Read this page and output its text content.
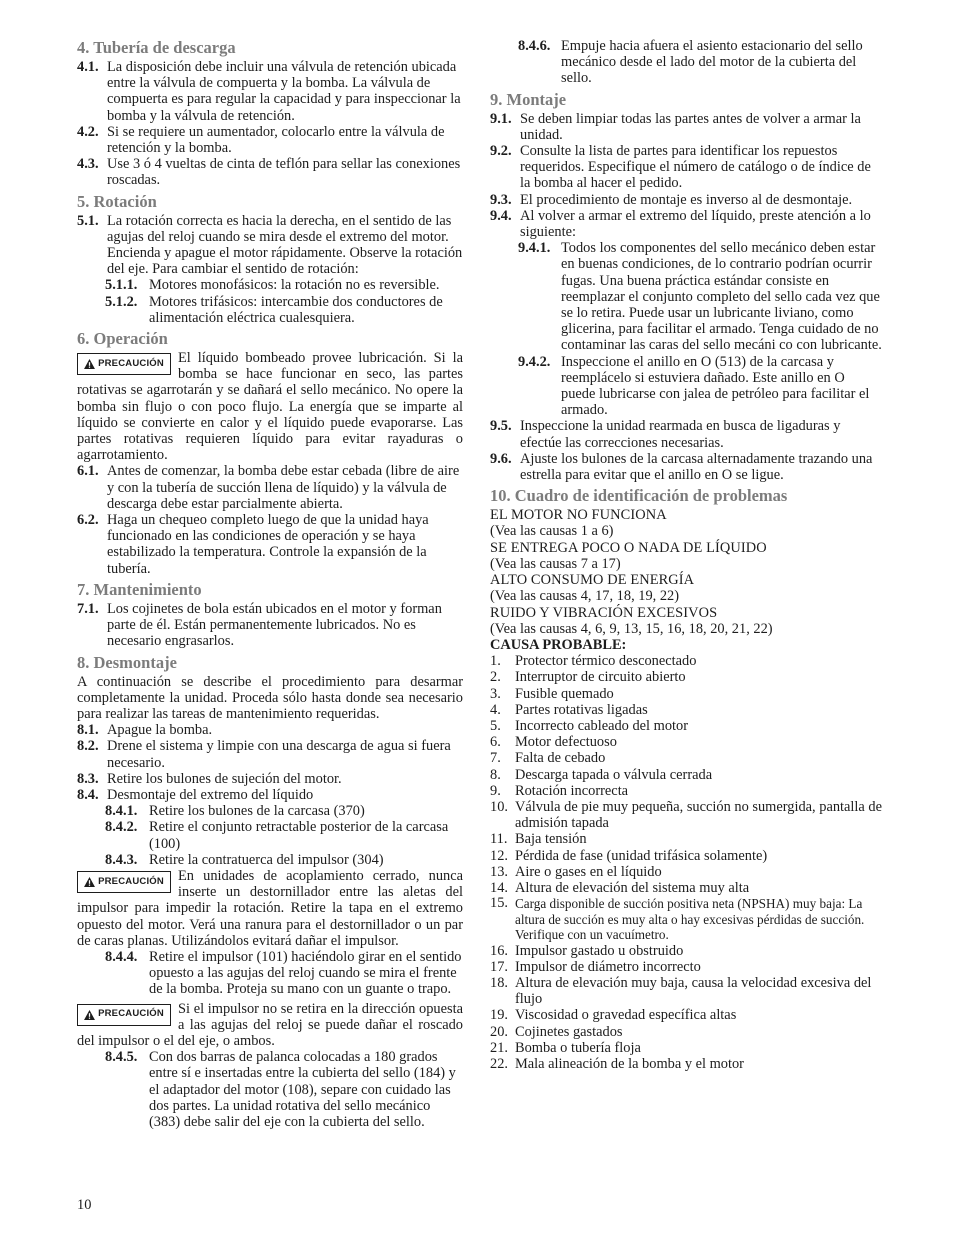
4. Tubería de descarga
4.1. La disposición debe incluir una válvula de retención ubicada entre la válvula de compuerta y la bomba. La válvula de compuerta es para regular la capacidad y para inspeccionar la bomba y la válvula de retención.
4.2. Si se requiere un aumentador, colocarlo entre la válvula de retención y la bomba.
4.3. Use 3 ó 4 vueltas de cinta de teflón para sellar las conexiones roscadas.
5. Rotación
5.1. La rotación correcta es hacia la derecha, en el sentido de las agujas del reloj cuando se mira desde el extremo del motor. Encienda y apague el motor rápidamente. Observe la rotación del eje. Para cambiar el sentido de rotación:
5.1.1. Motores monofásicos: la rotación no es reversible.
5.1.2. Motores trifásicos: intercambie dos conductores de alimentación eléctrica cualesquiera.
6. Operación
PRECAUCIÓN El líquido bombeado provee lubricación. Si la bomba se hace funcionar en seco, las partes rotativas se agarrotarán y se dañará el sello mecánico. No opere la bomba sin flujo o con poco flujo. La energía que se imparte al líquido se convierte en calor y el líquido puede evaporarse. Las partes rotativas requieren líquido para evitar rayaduras o agarrotamiento.

6.1. Antes de comenzar, la bomba debe estar cebada (libre de aire y con la tubería de succión llena de líquido) y la válvula de descarga debe estar parcialmente abierta.
6.2. Haga un chequeo completo luego de que la unidad haya funcionado en las condiciones de operación y se haya estabilizado la temperatura. Controle la expansión de la tubería.
7. Mantenimiento
7.1. Los cojinetes de bola están ubicados en el motor y forman parte de él. Están permanentemente lubricados. No es necesario engrasarlos.
8. Desmontaje

A continuación se describe el procedimiento para desarmar completamente la unidad. Proceda sólo hasta donde sea necesario para realizar las tareas de mantenimiento requeridas.

8.1. Apague la bomba.
8.2. Drene el sistema y limpie con una descarga de agua si fuera necesario.
8.3. Retire los bulones de sujeción del motor.
8.4. Desmontaje del extremo del líquido
8.4.1. Retire los bulones de la carcasa (370)
8.4.2. Retire el conjunto retractable posterior de la carcasa (100)
8.4.3. Retire la contratuerca del impulsor (304)
PRECAUCIÓN En unidades de acoplamiento cerrado, nunca inserte un destornillador entre las aletas del impulsor para impedir la rotación. Retire la tapa en el extremo opuesto del motor. Verá una ranura para el destornillador o un par de caras planas. Utilizándolos evitará dañar el impulsor.

8.4.4. Retire el impulsor (101) haciéndolo girar en el sentido opuesto a las agujas del reloj cuando se mira el frente de la bomba. Proteja su mano con un guante o trapo.
PRECAUCIÓN Si el impulsor no se retira en la dirección opuesta a las agujas del reloj se puede dañar el roscado del impulsor o el del eje, o ambos.

8.4.5. Con dos barras de palanca colocadas a 180 grados entre sí e insertadas entre la cubierta del sello (184) y el adaptador del motor (108), separe con cuidado las dos partes. La unidad rotativa del sello mecánico (383) debe salir del eje con la cubierta del sello.
8.4.6. Empuje hacia afuera el asiento estacionario del sello mecánico desde el lado del motor de la cubierta del sello.
9. Montaje
9.1. Se deben limpiar todas las partes antes de volver a armar la unidad.
9.2. Consulte la lista de partes para identificar los repuestos requeridos. Especifique el número de catálogo o de índice de la bomba al hacer el pedido.
9.3. El procedimiento de montaje es inverso al de desmontaje.
9.4. Al volver a armar el extremo del líquido, preste atención a lo siguiente:
9.4.1. Todos los componentes del sello mecánico deben estar en buenas condiciones, de lo contrario podrían ocurrir fugas. Una buena práctica estándar consiste en reemplazar el conjunto completo del sello cada vez que se lo retira. Puede usar un lubricante liviano, como glicerina, para facilitar el armado. Tenga cuidado de no contaminar las caras del sello mecáni co con lubricante.
9.4.2. Inspeccione el anillo en O (513) de la carcasa y reemplácelo si estuviera dañado. Este anillo en O puede lubricarse con jalea de petróleo para facilitar el armado.
9.5. Inspeccione la unidad rearmada en busca de ligaduras y efectúe las correcciones necesarias.
9.6. Ajuste los bulones de la carcasa alternadamente trazando una estrella para evitar que el anillo en O se ligue.
10. Cuadro de identificación de problemas
EL MOTOR NO FUNCIONA
(Vea las causas 1 a 6)
SE ENTREGA POCO O NADA DE LÍQUIDO
(Vea las causas 7 a 17)
ALTO CONSUMO DE ENERGÍA
(Vea las causas 4, 17, 18, 19, 22)
RUIDO Y VIBRACIÓN EXCESIVOS
(Vea las causas 4, 6, 9, 13, 15, 16, 18, 20, 21, 22)
CAUSA PROBABLE:
1. Protector térmico desconectado
2. Interruptor de circuito abierto
3. Fusible quemado
4. Partes rotativas ligadas
5. Incorrecto cableado del motor
6. Motor defectuoso
7. Falta de cebado
8. Descarga tapada o válvula cerrada
9. Rotación incorrecta
10. Válvula de pie muy pequeña, succión no sumergida, pantalla de admisión tapada
11. Baja tensión
12. Pérdida de fase (unidad trifásica solamente)
13. Aire o gases en el líquido
14. Altura de elevación del sistema muy alta
15. Carga disponible de succión positiva neta (NPSHA) muy baja: La altura de succión es muy alta o hay excesivas pérdidas de succión. Verifique con un vacuímetro.
16. Impulsor gastado u obstruido
17. Impulsor de diámetro incorrecto
18. Altura de elevación muy baja, causa la velocidad excesiva del flujo
19. Viscosidad o gravedad específica altas
20. Cojinetes gastados
21. Bomba o tubería floja
22. Mala alineación de la bomba y el motor
10
